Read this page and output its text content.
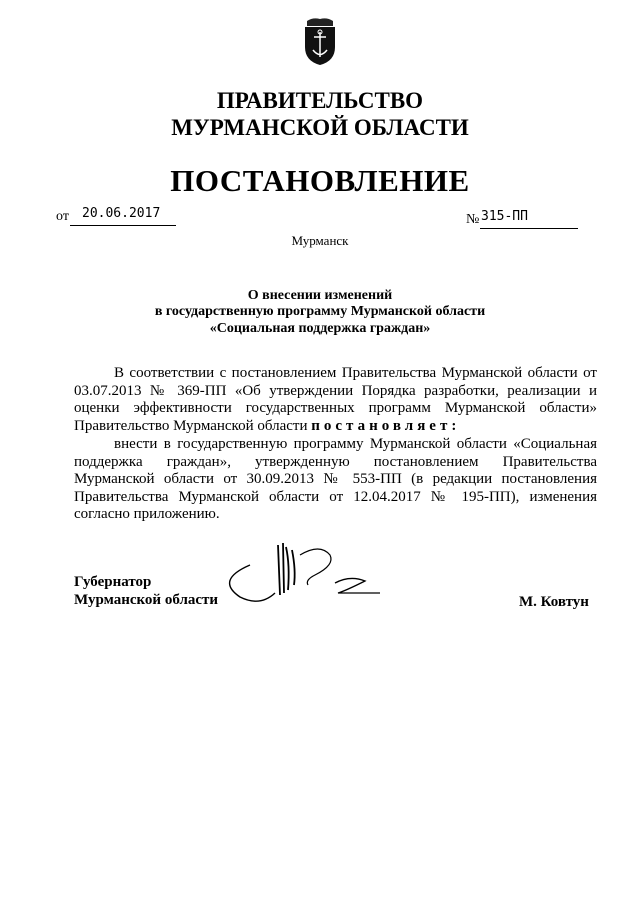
ПРАВИТЕЛЬСТВО
МУРМАНСКОЙ ОБЛАСТИ
ПОСТАНОВЛЕНИЕ
от 20.06.2017	№ 315-ПП
Мурманск
О внесении изменений
в государственную программу Мурманской области
«Социальная поддержка граждан»
В соответствии с постановлением Правительства Мурманской области от 03.07.2013 № 369-ПП «Об утверждении Порядка разработки, реализации и оценки эффективности государственных программ Мурманской области» Правительство Мурманской области постановляет:
внести в государственную программу Мурманской области «Социальная поддержка граждан», утвержденную постановлением Правительства Мурманской области от 30.09.2013 № 553-ПП (в редакции постановления Правительства Мурманской области от 12.04.2017 № 195-ПП), изменения согласно приложению.
Губернатор
Мурманской области	М. Ковтун
